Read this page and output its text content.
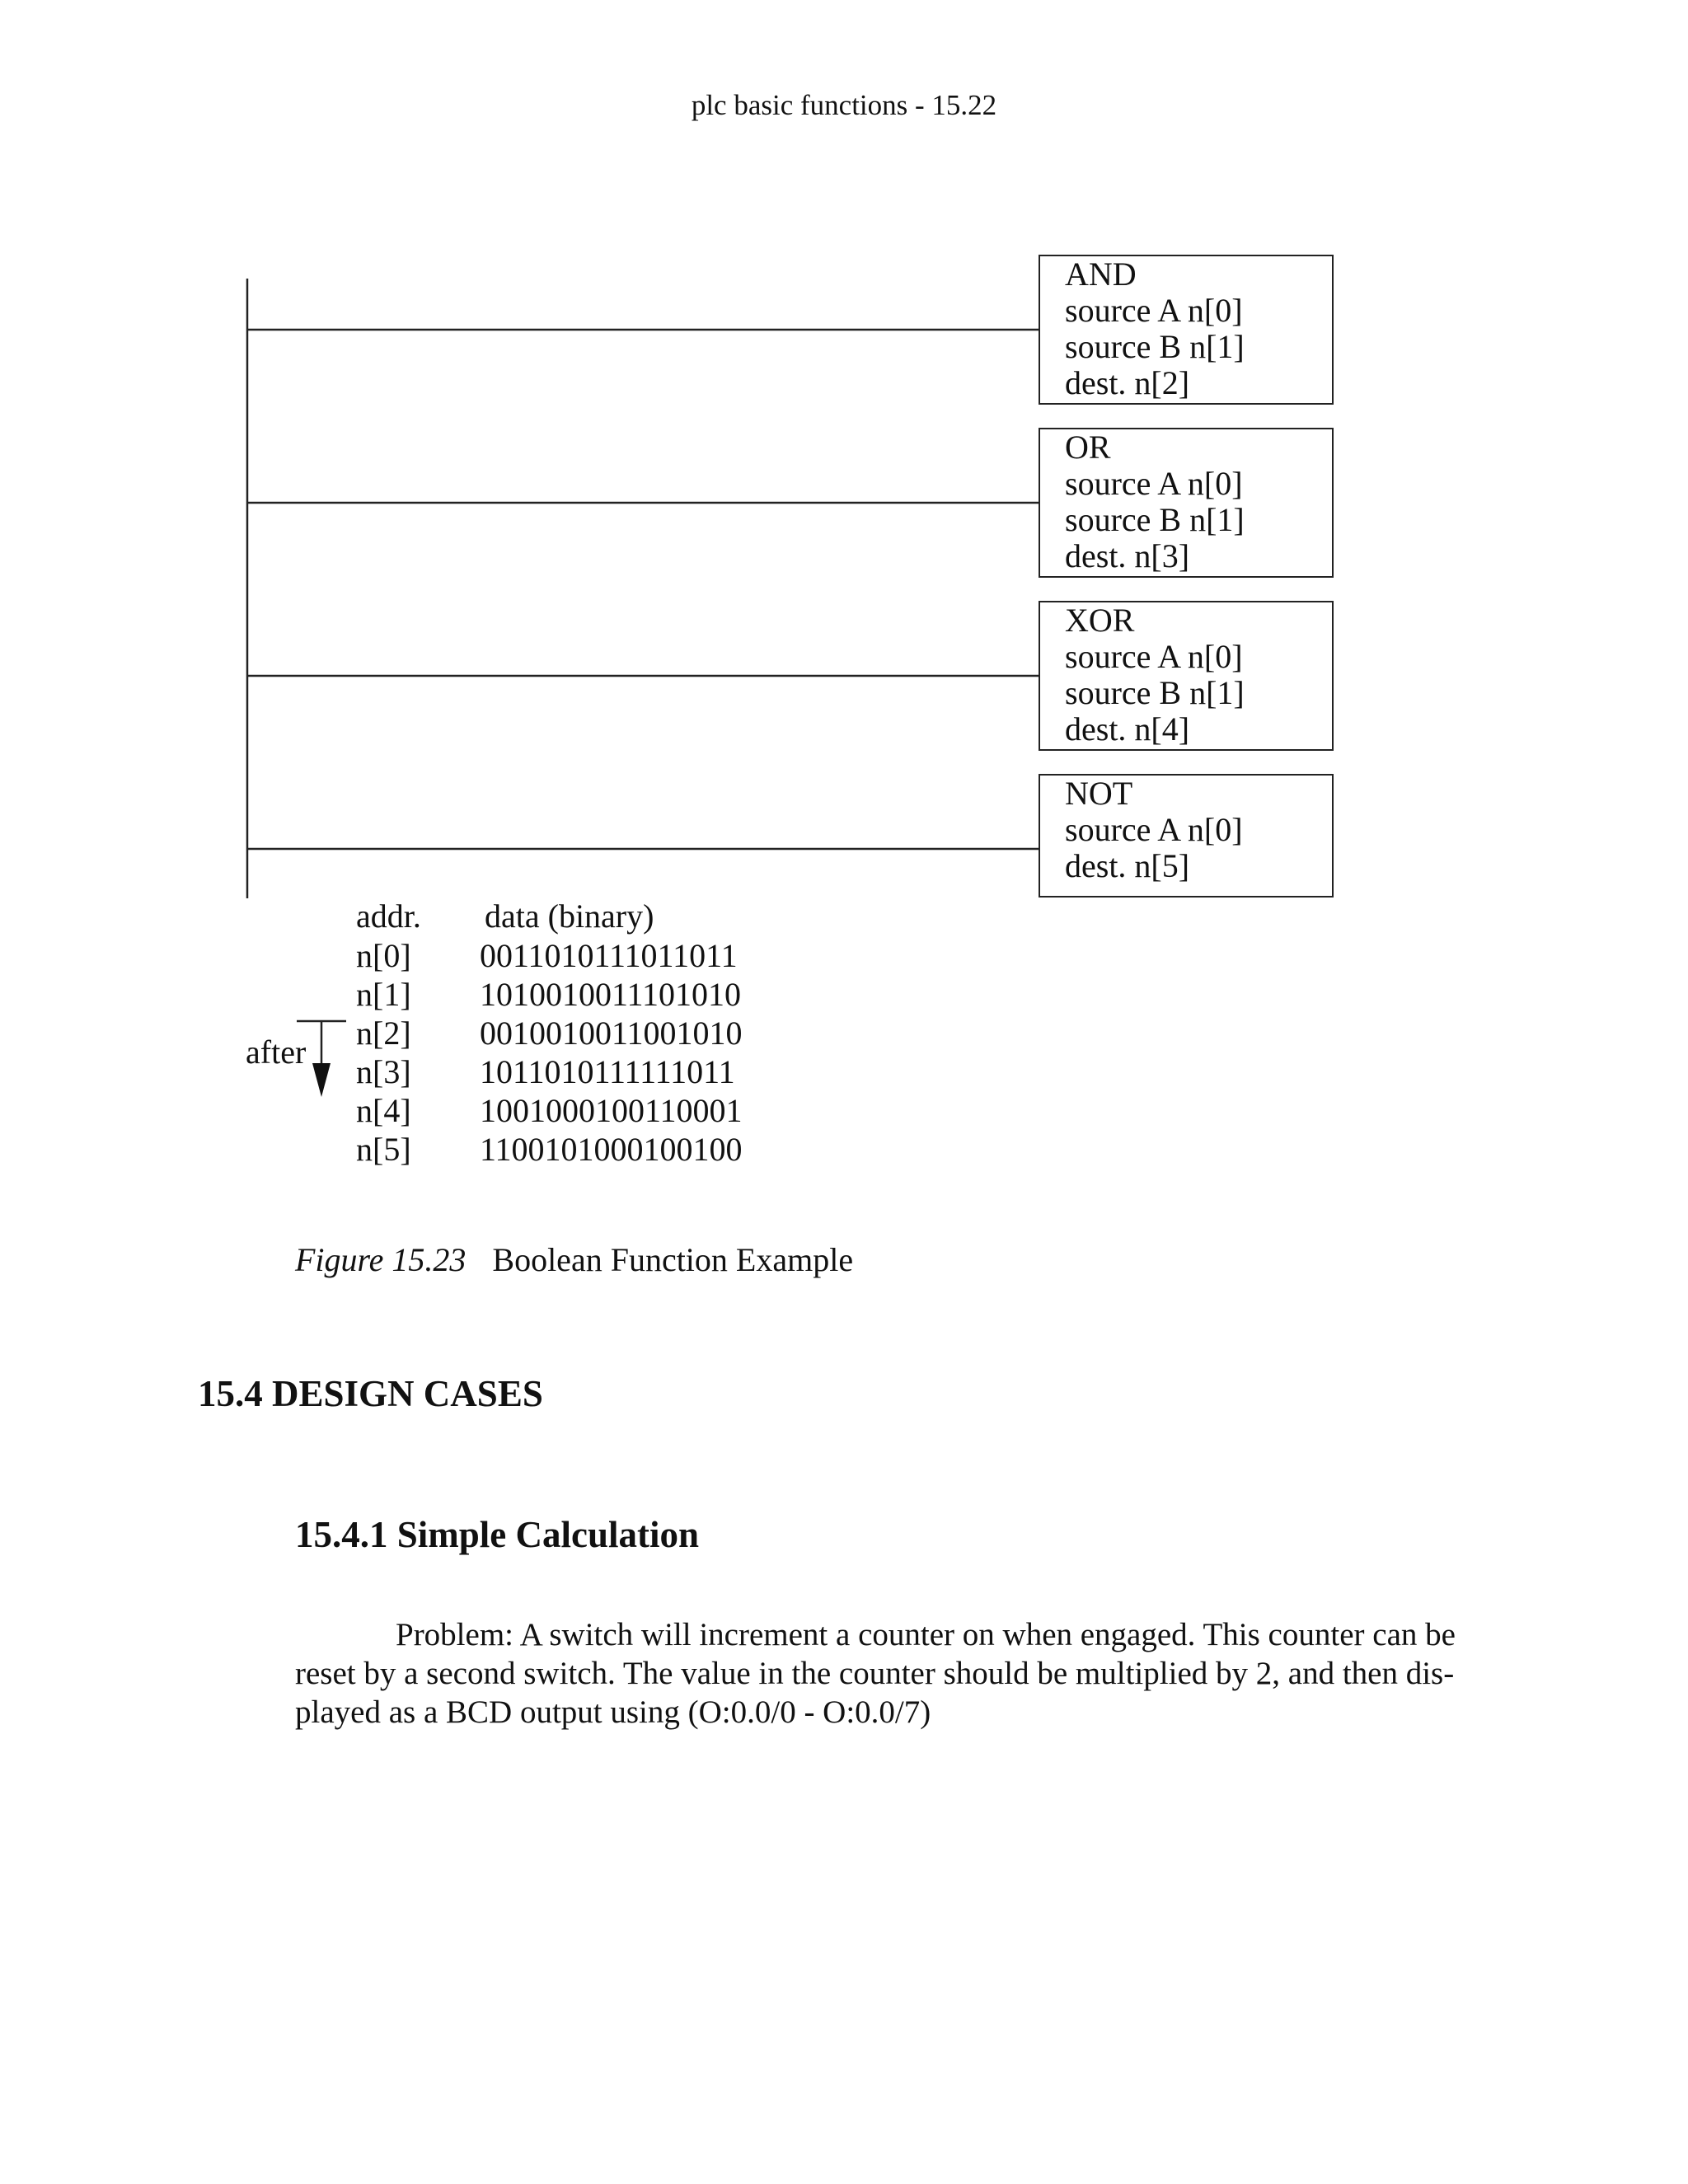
plc basic functions - 15.22
AND
source A n[0]
source B n[1]
dest. n[2]
OR
source A n[0]
source B n[1]
dest. n[3]
XOR
source A n[0]
source B n[1]
dest. n[4]
NOT
source A n[0]
dest. n[5]
addr. data (binary)
n[0] 0011010111011011
n[1] 1010010011101010
n[2] 0010010011001010
n[3] 1011010111111011
n[4] 1001000100110001
n[5] 1100101000100100
after
Figure 15.23 Boolean Function Example
15.4 DESIGN CASES
15.4.1 Simple Calculation

Problem: A switch will increment a counter on when engaged. This counter can be

reset by a second switch. The value in the counter should be multiplied by 2, and then dis-

played as a BCD output using (O:0.0/0 - O:0.0/7)
